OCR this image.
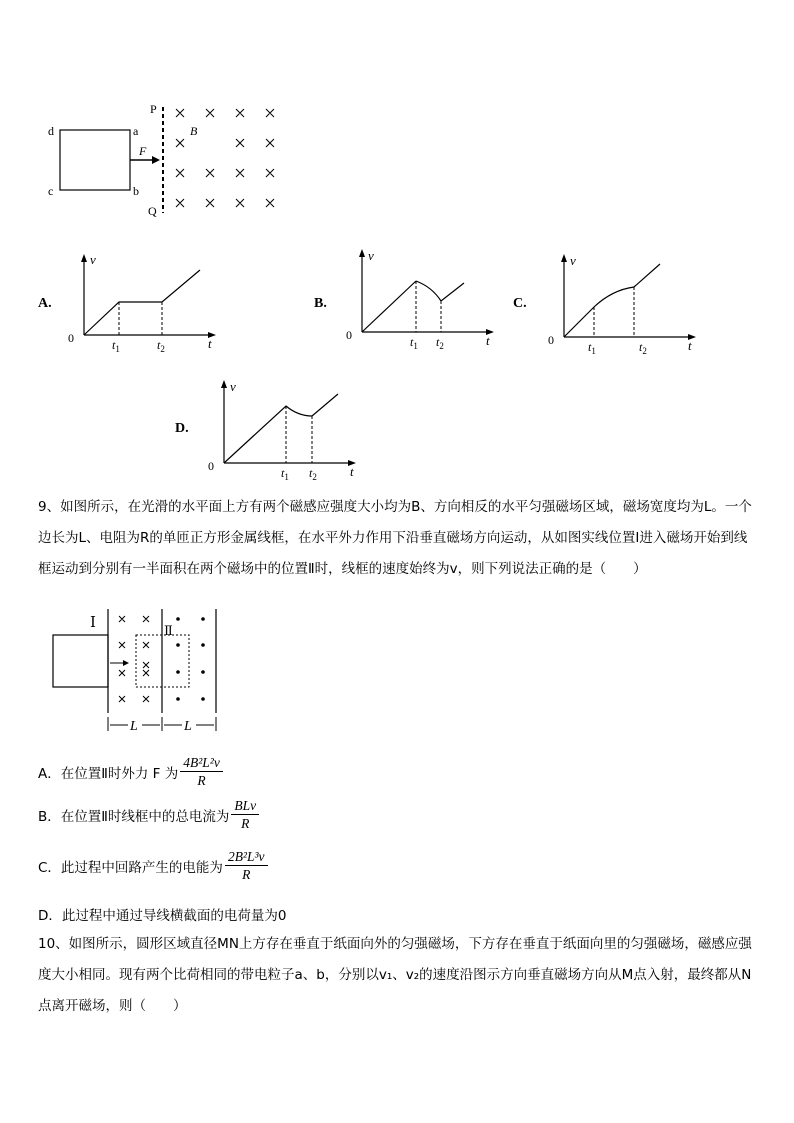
d	a
c	b
F
P
Q
B
A.
v
t
0	$t_1$	$t_2$
B.
v
t
0	$t_1$ $t_2$
C.
v
t
0	$t_1$	$t_2$
D.
v
t
0	$t_1$ $t_2$
9、如图所示，在光滑的水平面上方有两个磁感应强度大小均为B、方向相反的水平匀强磁场区域，磁场宽度均为L。一个边长为L、电阻为R的单匝正方形金属线框，在水平外力作用下沿垂直磁场方向运动，从如图实线位置Ⅰ进入磁场开始到线框运动到分别有一半面积在两个磁场中的位置Ⅱ时，线框的速度始终为v，则下列说法正确的是（　　）
Ⅰ	Ⅱ
L	L
A．在位置Ⅱ时外力 F 为 $\frac{\text{4B²L²v}}{R}$
B．在位置Ⅱ时线框中的总电流为 $\frac{\text{BLv}}{R}$
C．此过程中回路产生的电能为 $\frac{\text{2B²L³v}}{R}$
D．此过程中通过导线横截面的电荷量为0
10、如图所示，圆形区域直径MN上方存在垂直于纸面向外的匀强磁场，下方存在垂直于纸面向里的匀强磁场，磁感应强度大小相同。现有两个比荷相同的带电粒子a、b，分别以v₁、v₂的速度沿图示方向垂直磁场方向从M点入射，最终都从N点离开磁场，则（　　）
